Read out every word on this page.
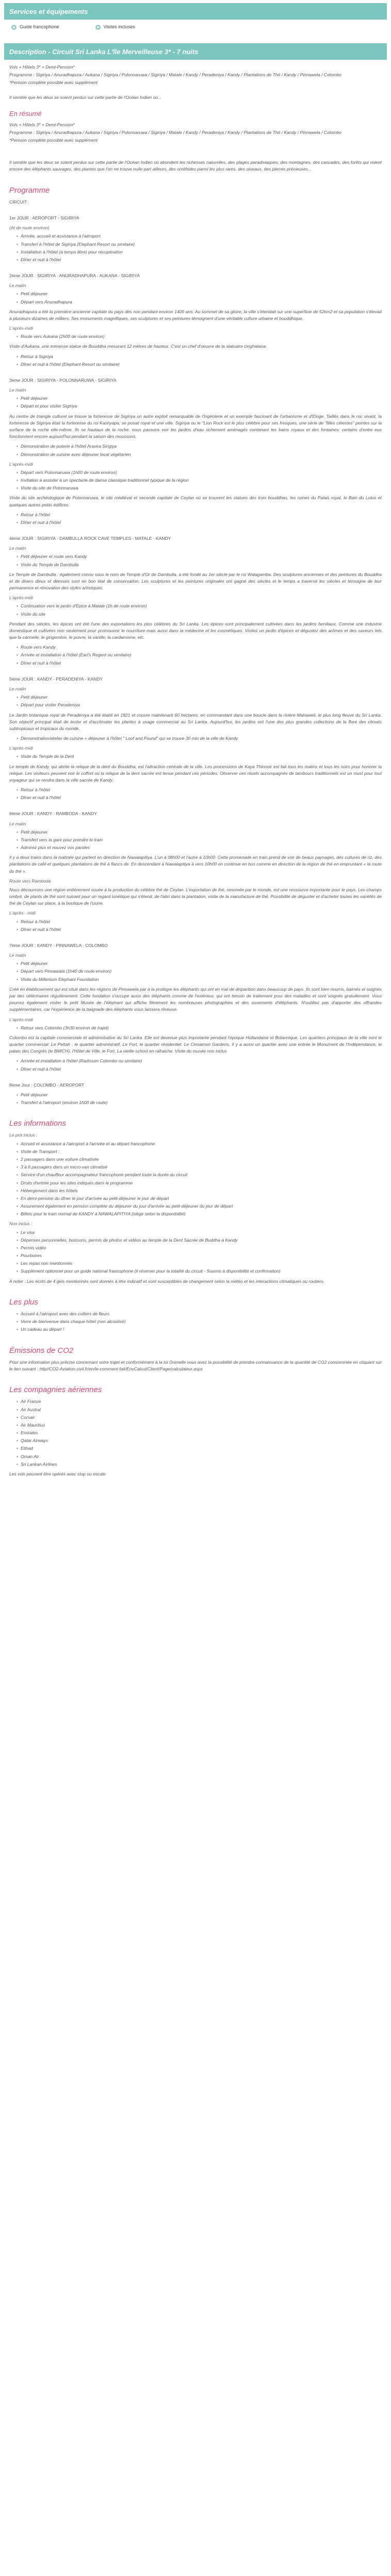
Services et équipements
Guide francophone	Visites incluses
Description - Circuit Sri Lanka L'île Merveilleuse 3* - 7 nuits

Vols + Hôtels 3* + Demi-Pension*

Programme : Sigiriya / Anuradhapura / Aukana / Sigiriya / Polonnaruwa / Sigiriya / Matale / Kandy / Peradeniya / Kandy / Plantations de Thé / Kandy / Pinnawela / Colombo

*Pension complète possible avec supplément

Il semble que les deux se soient perdus sur cette partie de l'Océan Indien où...

En résumé

Vols + Hôtels 3* + Demi-Pension*

Programme : Sigiriya / Anuradhapura / Aukana / Sigiriya / Polonnaruwa / Sigiriya / Matale / Kandy / Peradeniya / Kandy / Plantations de Thé / Kandy / Pinnawela / Colombo

*Pension complète possible avec supplément

Il semble que les deux se soient perdus sur cette partie de l'Océan Indien où abondent les richesses naturelles, des plages paradisiaques, des montagnes, des cascades, des forêts qui voient encore des éléphants sauvages, des plantes que l'on ne trouve nulle part ailleurs, des ornithides parmi les plus rares, des oiseaux, des pierres précieuses...

Programme

CIRCUIT :

1er JOUR : AEROPORT - SIGIRIYA

(At de route environ)

• Arrivée, accueil et assistance à l'aéroport
• Transfert à l'hôtel de Sigiriya (Elephant Resort ou similaire)
• Installation à l'hôtel (à temps libre) pour récupération
• Dîner et nuit à l'hôtel

2ème JOUR : SIGIRIYA - ANURADHAPURA - AUKANA - SIGIRIYA

Le matin

• Petit déjeuner
• Départ vers Anuradhapura

Anuradhapura a été la première ancienne capitale du pays dès non pendant environ 1400 ans. Au sommet de sa gloire, la ville s'étendait sur une superficie de 52km2 et sa population s'élevait à plusieurs dizaines de milliers. Ses monuments magnifiques, ses sculptures et ses peintures témoignent d'une véritable culture urbaine et bouddhique.

L'après-midi

• Route vers Aukana (2h00 de route environ)

Visite d'Aukana, une immense statue de Bouddha mesurant 12 mètres de hauteur. C'est un chef d'oeuvre de la statuaire cinghalaise.

• Retour à Sigiriya
• Dîner et nuit à l'hôtel (Elephant Resort ou similaire)

3ème JOUR : SIGIRIYA - POLONNARUWA - SIGIRIYA

Le matin

• Petit déjeuner
• Départ et pour visiter Sigiriya

Au centre de triangle culturel se trouve la forteresse de Sigiriya un autre exploit remarquable de l'ingénierie et un exemple fascinant de l'urbanisme et d'Eloge. Taillés dans le roc vivant, la forteresse de Sigiriya était la forteresse du roi Kashyapa, se posait royal et une ville. Sigiriya ou le "Lion Rock est le plus célèbre pour ses fresques, une série de "filles célestes" peintes sur la surface de la roche elle-même. Ils se hautaux de la roche, nous passons voir les jardins d'eau richement aménagés contenant les bains royaux et des fontaines: certains d'entre eux fonctionnent encore aujourd'hui pendant la saison des moussons.

• Démonstration de poterie à l'hôtel Aravira Sirigiya
• Démonstration de cuisine avec déjeuner local végétarien

L'après-midi

• Départ vers Polonnaruwa (1h00 de route environ)
• Invitation à assister à un spectacle de danse classique traditionnel typique de la région
• Visite du site de Polonnaruwa

Visite du site archéologique de Polonnaruwa, le site médiéval et seconde capitale de Ceylan où se trouvent les statues des trois bouddhas, les ruines du Palais royal, le Bain du Lotus et quelques autres petits édifices.

• Retour à l'hôtel
• Dîner et nuit à l'hôtel

4ème JOUR : SIGIRIYA - DAMBULLA ROCK CAVE TEMPLES - MATALE - KANDY

Le matin

• Petit déjeuner et route vers Kandy
• Visite du Temple de Dambulla

Le Temple de Dambulla : également connu sous le nom de Temple d'Or de Dambulla, a été fondé au 1er siècle par le roi Walagamba. Des sculptures anciennes et des peintures du Bouddha et de divers dieux et déesses sont en bon état de conservation. Les sculptures et les peintures originales ont gagné des siècles et le temps a traversé les siècles et témoigne de leur permanence et rénovation des styles artistiques.

L'après-midi

• Continuation vers le jardin d'Epice à Matale (1h de route environ)
• Visite du site

Pendant des siècles, les épices ont été l'une des exportations les plus célèbres du Sri Lanka. Les épices sont principalement cultivées dans les jardins familiaux. Comme une industrie domestique et cultivées non seulement pour promouvoir le nourriture mais aussi dans la médecine et les cosmétiques. Visitez un jardin d'épices et dégustez des arômes et des saveurs tels que la cannelle, le gingembre, le poivre, la vanille, la cardamome, etc.

• Route vers Kandy
• Arrivée et installation à l'hôtel (Earl's Regent ou similaire)
• Dîner et nuit à l'hôtel

5ème JOUR : KANDY - PERADENIYA - KANDY

Le matin

• Petit déjeuner
• Départ pour visiter Peradeniya

Le Jardin botanique royal de Peradeniya a été établi en 1821 et couvre maintenant 60 hectares, en commandant dans une boucle dans la rivière Mahaweli, le plus long fleuve du Sri Lanka. Son objectif principal était de tester et d'acclimater les plantes à usage commercial au Sri Lanka. Aujourd'hui, les jardins ont l'une des plus grandes collections de la flore des climats subtropicaux et tropicaux du monde.

• Démonstration/atelier de cuisine + déjeuner à l'hôtel " Loof and Pound" qui se trouve 30 min de la ville de Kandy

L'après-midi

• Visite du Temple de la Dent

Le temple de Kandy, qui abrite la relique de la dent du Bouddha, est l'attraction centrale de la ville. Les processions de Kaya Thinnoir est fait tous les matins et tous les soirs pour honorer la relique. Les visiteurs peuvent voir le coffret où la relique de la dent sacrée est tenue pendant ces périodes. Observer ces rituels accompagnés de tambours traditionnels est un must pour tout voyageur qui se rendra dans la ville sacrée de Kandy.

• Retour à l'hôtel
• Dîner et nuit à l'hôtel

6ème JOUR : KANDY - RAMBODA - KANDY

Le matin

• Petit déjeuner
• Transfert vers la gare pour prendre le train
• Admirez plus et nouvez vos paroles

Il y a deux trains dans la matinée qui partent en direction de Nawalapitiya. L'un à 08h00 et l'autre à 10h00. Cette promenade en train prend de voir de beaux paysages, des cultures de riz, des plantations de café et quelques plantations de thé à flancs de. En descendant à Nawalapitiya à vers 10h00 on continue en bus comme en direction de la région de thé en empruntant « la route du thé ».

Route vers Ramboda

Nous découvrons une région entièrement vouée à la production du célèbre thé de Ceylan. L'exportation de thé, renomée par le monde, est une ressource importante pour le pays. Les champs ombré, de plants de thé sont suivant pour un regard lunétique qui s'étend, de l'abri dans la plantation, visite de la manufacture de thé. Possibilité de déguster et d'acheter toutes les variétés de thé de Ceylan sur place, à la boutique de l'usine.

L'après - midi

• Retour à l'hôtel
• Dîner et nuit à l'hôtel

7ème JOUR : KANDY - PINNAWELA - COLOMBO

Le matin

• Petit déjeuner
• Départ vers Pinnawala (1h40 de route environ)
• Visite du Millenium Elephant Foundation

Créé en établissement qui est situé dans les régions de Pinnawela par à la protègre les éléphants qui ont en mal de disparition dans beaucoup de pays. Ils sont bien nourris, baimés et soignés par des vétérinaires régulièrement. Cette fondation s'occupe aussi des éléphants comme de l'extérieur, qui ont besoin de traitement pour des maladies et sont soignés gratuitement. Vous pourrez également visiter le petit Musée de l'éléphant qui affiche fièrement les nombreuses photographies et des ossements d'éléphants. N'oubliez pas d'apporter des offrandes supplémentaires, car l'expérience de la baignade des éléphants vous laissera rêveuse.

L'après-midi

• Retour vers Colombo (3h30 environ de trajet)

Colombo est la capitale commerciale et administrative du Sri Lanka. Elle est devenue plus importante pendant l'époque Hollandaise et Britannique. Les quartiers principaux de la ville sont le quartier commercial: Le Pettah : le quartier administratif, Le Fort, le quartier résidentiel. Le Cinnamon Gardens. Il y a aussi un quartier avec une entrée le Monument de l'Indépendance, le palais des Congrès (le BMICH), l'Hôtel de Ville, le Fort, La vieille school en rafraiche. Visite du musée non inclus

• Arrivée et installation à l'hôtel (Radisson Colombo ou similaire)
• Dîner et nuit à l'hôtel

8ème Jour : COLOMBO - AEROPORT

• Petit déjeuner
• Transfert à l'aéroport (environ 1h00 de route)
Les informations

Le prix inclus :

• Accueil et assistance à l'aéroport à l'arrivée et au départ francophone
• Visite de Transport :
• 2 passagers dans une voiture climatisée
• 3 à 6 passagers dans un micro-van climatisé
• Service d'un chauffeur accompagnateur francophone pendant toute la durée du circuit
• Droits d'entrée pour les sites indiqués dans le programme
• Hébergement dans les hôtels
• En demi-pension du dîner le jour d'arrivée au petit-déjeuner le jour de départ
• Assurement également en pension complète du déjeuner du jour d'arrivée au petit-déjeuner du jour de départ
• Billets pour le train normal de KANDY à NAWALAPITIYA (siège selon la disponibilité)

Non inclus :

• Le visa
• Dépenses personnelles, boissons, permis de photos et vidéos au temple de la Dent Sacrée de Buddha à Kandy
• Permis vidéo
• Pourboires
• Les repas non mentionnés
• Supplément optionnel pour un guide national francophone (il réserver pour la totalité du circuit - Soumis à disponibilité et confirmation)

A noter : Les écrits de 4 gels mentionnés sont donnés à titre indicatif et sont susceptibles de changement selon la météo et les interactions climatiques ou routiers.

Les plus
• Accueil à l'aéroport avec des colliers de fleurs
• Verre de bienvenue dans chaque hôtel (non alcoolisé)
• Un cadeau au départ !
Émissions de CO2

Pour une information plus précise concernant votre trajet et conformément à la loi Grenelle vous avez la possibilité de prendre connaissance de la quantité de CO2 consommée en cliquant sur le lien suivant : http//CO2-Aviation.civil.fr/en/le-comment-fait/EnvCalcul/Client/Page/calculateur.aspx

Les compagnies aériennes
• Air France
• Air Austral
• Corsair
• Air Mauritius
• Emirates
• Qatar Airways
• Etihad
• Oman Air
• Sri Lankan Airlines

Les vols peuvent être opérés avec stop ou escale
